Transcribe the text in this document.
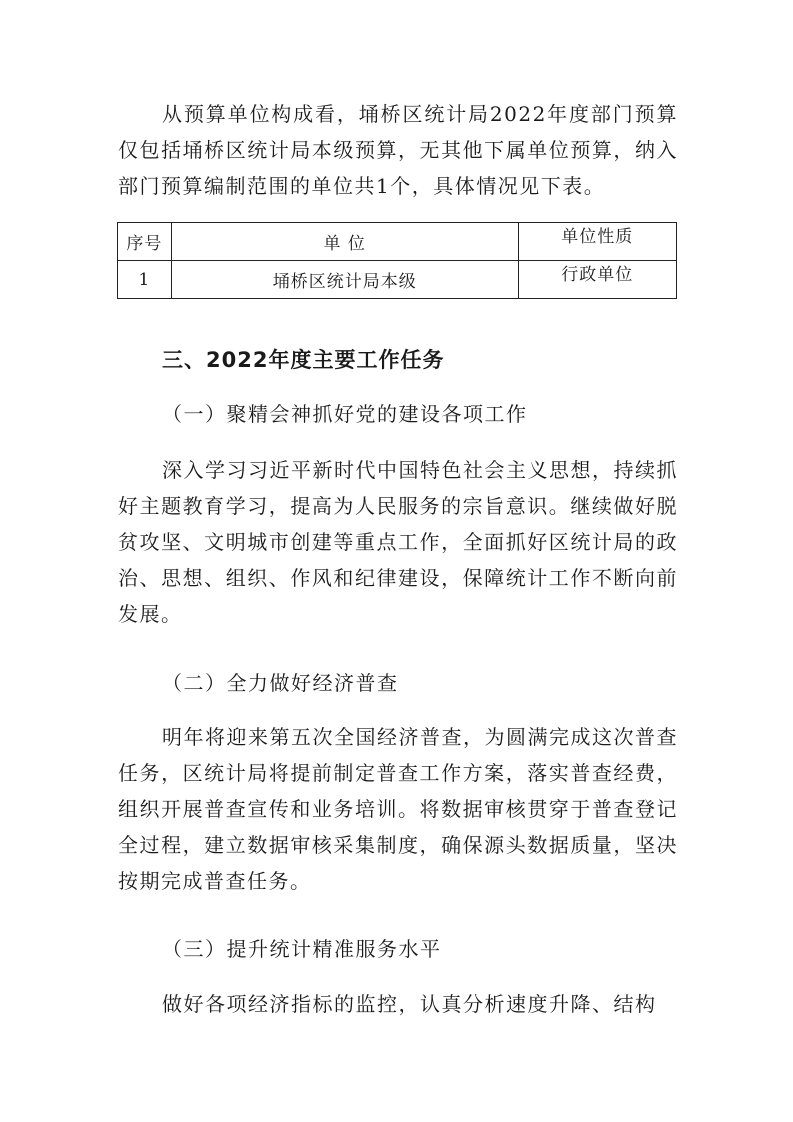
从预算单位构成看，埇桥区统计局2022年度部门预算仅包括埇桥区统计局本级预算，无其他下属单位预算，纳入部门预算编制范围的单位共1个，具体情况见下表。

序号	单 位	单位性质
1	埇桥区统计局本级	行政单位
三、2022年度主要工作任务
（一）聚精会神抓好党的建设各项工作

深入学习习近平新时代中国特色社会主义思想，持续抓好主题教育学习，提高为人民服务的宗旨意识。继续做好脱贫攻坚、文明城市创建等重点工作，全面抓好区统计局的政治、思想、组织、作风和纪律建设，保障统计工作不断向前发展。

（二）全力做好经济普查

明年将迎来第五次全国经济普查，为圆满完成这次普查任务，区统计局将提前制定普查工作方案，落实普查经费，组织开展普查宣传和业务培训。将数据审核贯穿于普查登记全过程，建立数据审核采集制度，确保源头数据质量，坚决按期完成普查任务。

（三）提升统计精准服务水平

做好各项经济指标的监控，认真分析速度升降、结构
